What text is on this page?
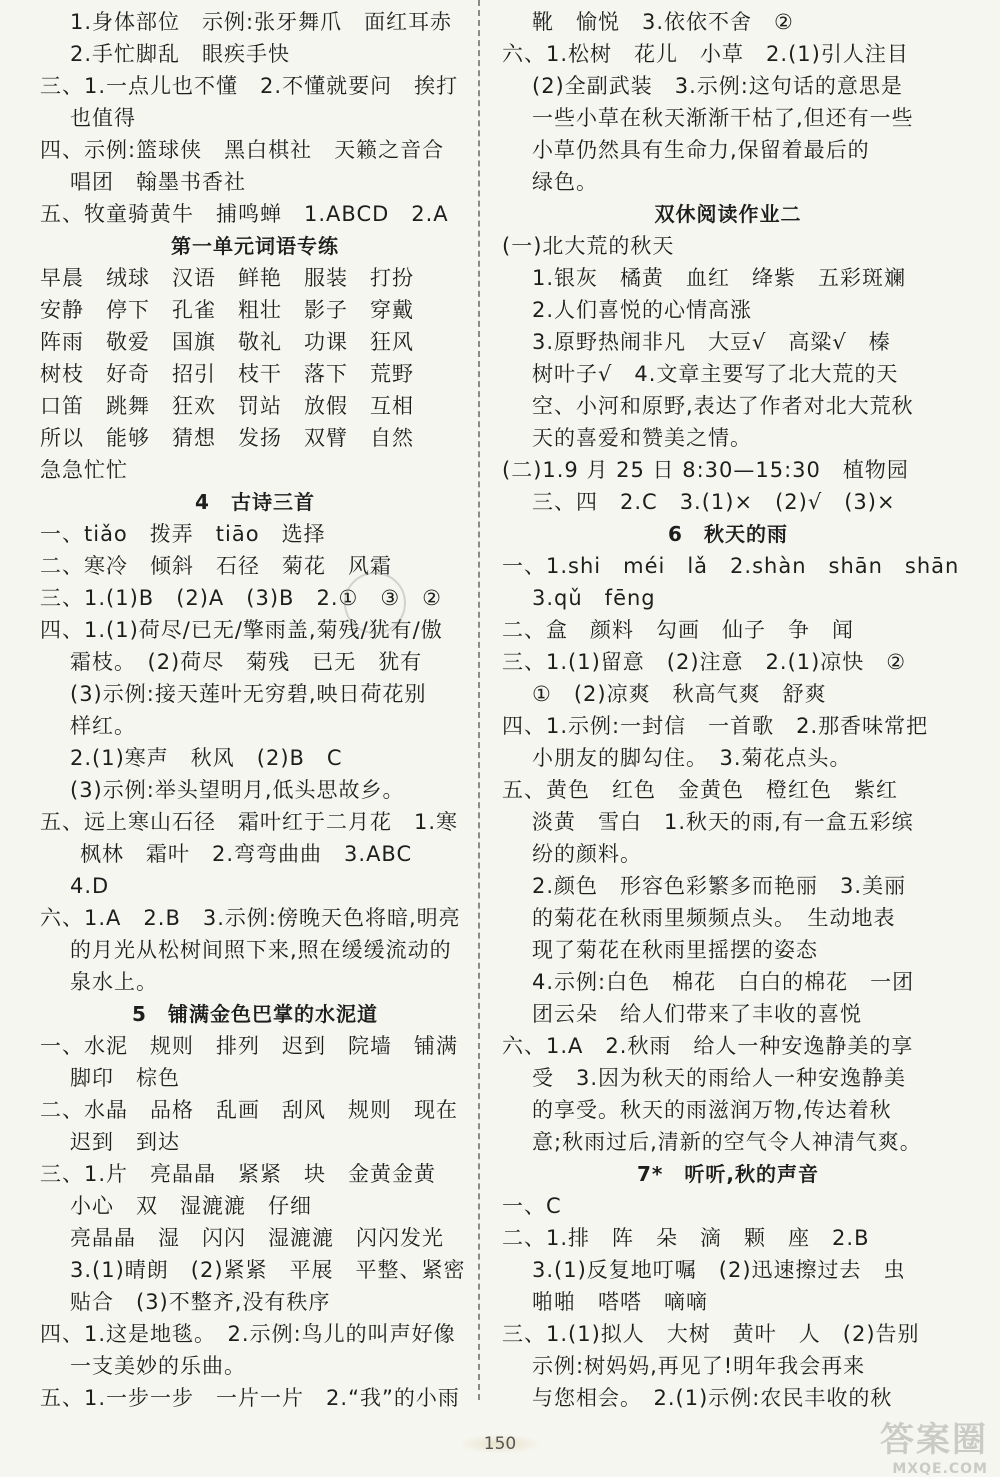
1.身体部位　示例:张牙舞爪　面红耳赤
2.手忙脚乱　眼疾手快
三、1.一点儿也不懂　2.不懂就要问　挨打
也值得
四、示例:篮球侠　黑白棋社　天籁之音合
唱团　翰墨书香社
五、牧童骑黄牛　捕鸣蝉　1.ABCD　2.A
第一单元词语专练
早晨　绒球　汉语　鲜艳　服装　打扮
安静　停下　孔雀　粗壮　影子　穿戴
阵雨　敬爱　国旗　敬礼　功课　狂风
树枝　好奇　招引　枝干　落下　荒野
口笛　跳舞　狂欢　罚站　放假　互相
所以　能够　猜想　发扬　双臂　自然
急急忙忙
4　古诗三首
一、tiǎo　拨弄　tiāo　选择
二、寒冷　倾斜　石径　菊花　风霜
三、1.(1)B　(2)A　(3)B　2.①　③　②
四、1.(1)荷尽/已无/擎雨盖,菊残/犹有/傲
霜枝。　(2)荷尽　菊残　已无　犹有
(3)示例:接天莲叶无穷碧,映日荷花别
样红。
2.(1)寒声　秋风　(2)B　C
(3)示例:举头望明月,低头思故乡。
五、远上寒山石径　霜叶红于二月花　1.寒
枫林　霜叶　2.弯弯曲曲　3.ABC
4.D
六、1.A　2.B　3.示例:傍晚天色将暗,明亮
的月光从松树间照下来,照在缓缓流动的
泉水上。
5　铺满金色巴掌的水泥道
一、水泥　规则　排列　迟到　院墙　铺满
脚印　棕色
二、水晶　品格　乱画　刮风　规则　现在
迟到　到达
三、1.片　亮晶晶　紧紧　块　金黄金黄
小心　双　湿漉漉　仔细
亮晶晶　湿　闪闪　湿漉漉　闪闪发光
3.(1)晴朗　(2)紧紧　平展　平整、紧密
贴合　(3)不整齐,没有秩序
四、1.这是地毯。　2.示例:鸟儿的叫声好像
一支美妙的乐曲。
五、1.一步一步　一片一片　2.“我”的小雨
靴　愉悦　3.依依不舍　②
六、1.松树　花儿　小草　2.(1)引人注目
(2)全副武装　3.示例:这句话的意思是
一些小草在秋天渐渐干枯了,但还有一些
小草仍然具有生命力,保留着最后的
绿色。
双休阅读作业二
(一)北大荒的秋天
1.银灰　橘黄　血红　绛紫　五彩斑斓
2.人们喜悦的心情高涨
3.原野热闹非凡　大豆√　高粱√　榛
树叶子√　4.文章主要写了北大荒的天
空、小河和原野,表达了作者对北大荒秋
天的喜爱和赞美之情。
(二)1.9 月 25 日 8:30—15:30　植物园
三、四　2.C　3.(1)×　(2)√　(3)×
6　秋天的雨
一、1.shi　méi　lǎ　2.shàn　shān　shān
3.qǔ　fēng
二、盒　颜料　勾画　仙子　争　闻
三、1.(1)留意　(2)注意　2.(1)凉快　②
①　(2)凉爽　秋高气爽　舒爽
四、1.示例:一封信　一首歌　2.那香味常把
小朋友的脚勾住。　3.菊花点头。
五、黄色　红色　金黄色　橙红色　紫红
淡黄　雪白　1.秋天的雨,有一盒五彩缤
纷的颜料。
2.颜色　形容色彩繁多而艳丽　3.美丽
的菊花在秋雨里频频点头。　生动地表
现了菊花在秋雨里摇摆的姿态
4.示例:白色　棉花　白白的棉花　一团
团云朵　给人们带来了丰收的喜悦
六、1.A　2.秋雨　给人一种安逸静美的享
受　3.因为秋天的雨给人一种安逸静美
的享受。秋天的雨滋润万物,传达着秋
意;秋雨过后,清新的空气令人神清气爽。
7*　听听,秋的声音
一、C
二、1.排　阵　朵　滴　颗　座　2.B
3.(1)反复地叮嘱　(2)迅速擦过去　虫
啪啪　嗒嗒　嘀嘀
三、1.(1)拟人　大树　黄叶　人　(2)告别
示例:树妈妈,再见了!明年我会再来
与您相会。　2.(1)示例:农民丰收的秋
150	答案圈
MXQE.COM
